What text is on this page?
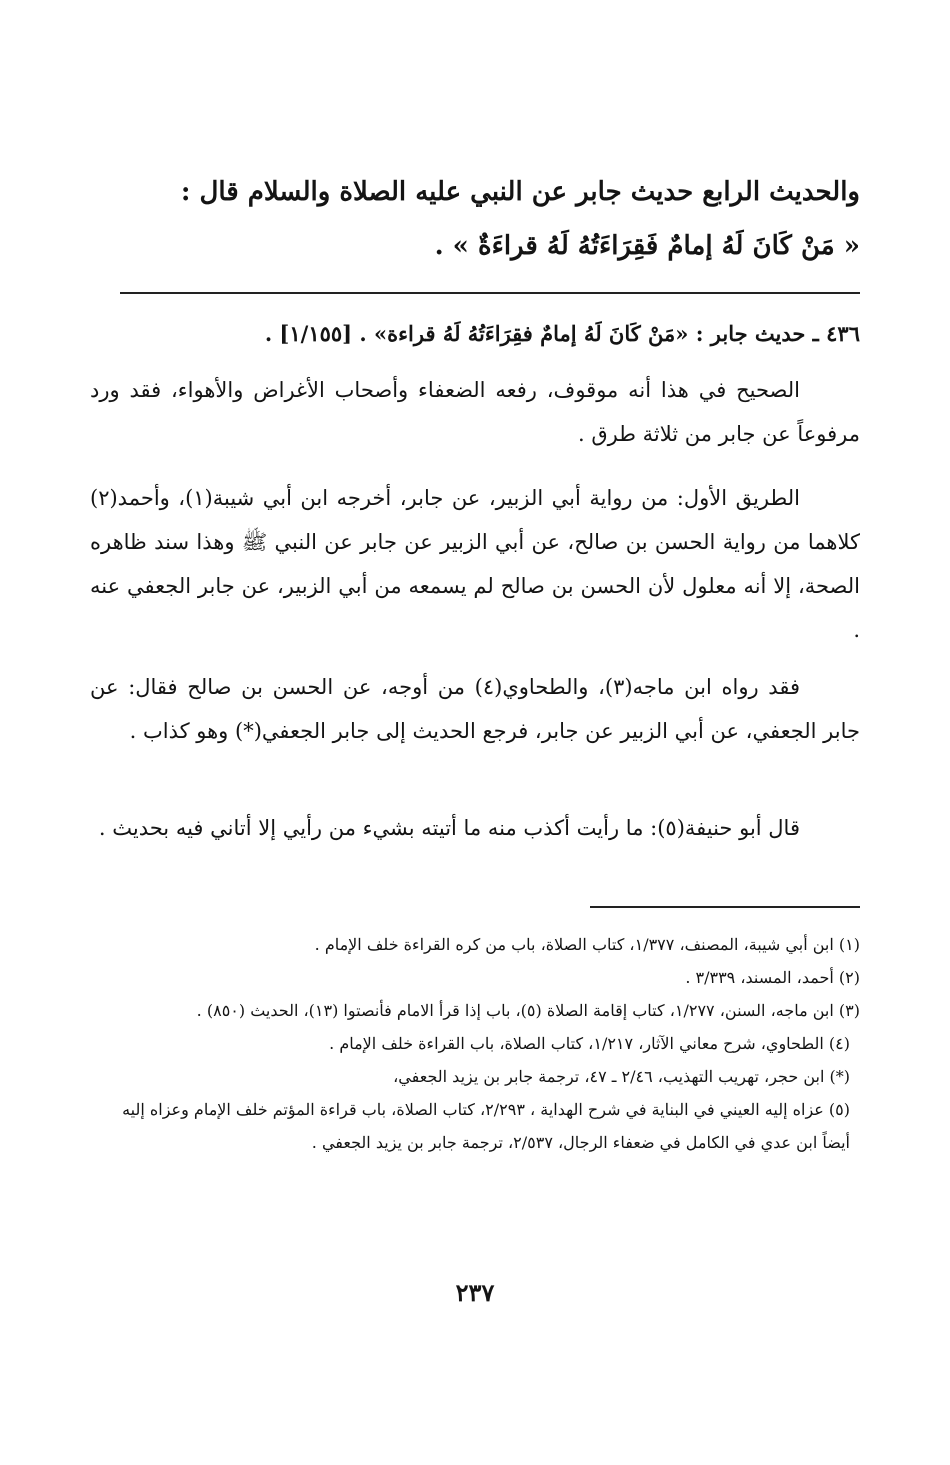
والحديث الرابع حديث جابر عن النبي عليه الصلاة والسلام قال :
« مَنْ كَانَ لَهُ إمامٌ فَقِرَاءَتُهُ لَهُ قراءَةٌ » .
٤٣٦ ـ حديث جابر : «مَنْ كَانَ لَهُ إمامٌ فقِرَاءَتُهُ لَهُ قراءة» . [١/١٥٥] .
الصحيح في هذا أنه موقوف، رفعه الضعفاء وأصحاب الأغراض والأهواء، فقد ورد مرفوعاً عن جابر من ثلاثة طرق .
الطريق الأول: من رواية أبي الزبير، عن جابر، أخرجه ابن أبي شيبة(١)، وأحمد(٢) كلاهما من رواية الحسن بن صالح، عن أبي الزبير عن جابر عن النبي ﷺ وهذا سند ظاهره الصحة، إلا أنه معلول لأن الحسن بن صالح لم يسمعه من أبي الزبير، عن جابر الجعفي عنه .
فقد رواه ابن ماجه(٣)، والطحاوي(٤) من أوجه، عن الحسن بن صالح فقال: عن جابر الجعفي، عن أبي الزبير عن جابر، فرجع الحديث إلى جابر الجعفي(*) وهو كذاب .
قال أبو حنيفة(٥): ما رأيت أكذب منه ما أتيته بشيء من رأيي إلا أتاني فيه بحديث .

(١) ابن أبي شيبة، المصنف، ١/٣٧٧، كتاب الصلاة، باب من كره القراءة خلف الإمام .

(٢) أحمد، المسند، ٣/٣٣٩ .

(٣) ابن ماجه، السنن، ١/٢٧٧، كتاب إقامة الصلاة (٥)، باب إذا قرأ الامام فأنصتوا (١٣)، الحديث (٨٥٠) .

(٤) الطحاوي، شرح معاني الآثار، ١/٢١٧، كتاب الصلاة، باب القراءة خلف الإمام .

(*) ابن حجر، تهريب التهذيب، ٢/٤٦ ـ ٤٧، ترجمة جابر بن يزيد الجعفي،

(٥) عزاه إليه العيني في البناية في شرح الهداية ، ٢/٢٩٣، كتاب الصلاة، باب قراءة المؤتم خلف الإمام وعزاه إليه أيضاً ابن عدي في الكامل في ضعفاء الرجال، ٢/٥٣٧، ترجمة جابر بن يزيد الجعفي .

٢٣٧
